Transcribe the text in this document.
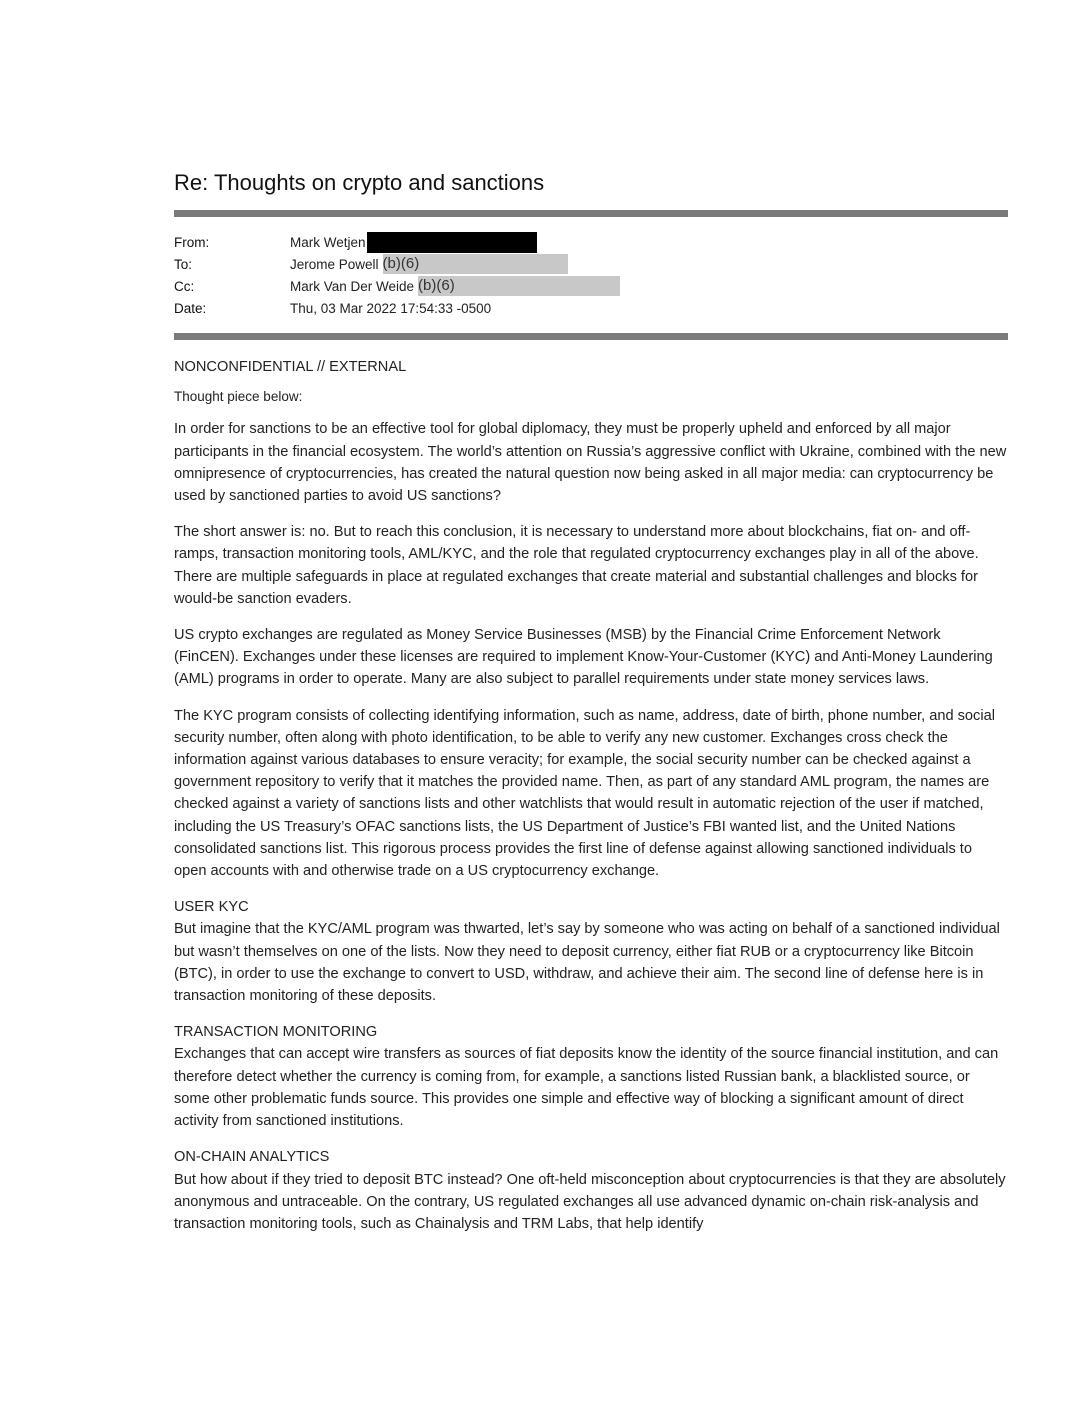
Re: Thoughts on crypto and sanctions
From:	Mark Wetjen
To:	Jerome Powell (b)(6)
Cc:	Mark Van Der Weide (b)(6)
Date:	Thu, 03 Mar 2022 17:54:33 -0500

NONCONFIDENTIAL // EXTERNAL

Thought piece below:

In order for sanctions to be an effective tool for global diplomacy, they must be properly upheld and enforced by all major participants in the financial ecosystem. The world’s attention on Russia’s aggressive conflict with Ukraine, combined with the new omnipresence of cryptocurrencies, has created the natural question now being asked in all major media: can cryptocurrency be used by sanctioned parties to avoid US sanctions?

The short answer is: no. But to reach this conclusion, it is necessary to understand more about blockchains, fiat on- and off-ramps, transaction monitoring tools, AML/KYC, and the role that regulated cryptocurrency exchanges play in all of the above. There are multiple safeguards in place at regulated exchanges that create material and substantial challenges and blocks for would-be sanction evaders.

US crypto exchanges are regulated as Money Service Businesses (MSB) by the Financial Crime Enforcement Network (FinCEN). Exchanges under these licenses are required to implement Know-Your-Customer (KYC) and Anti-Money Laundering (AML) programs in order to operate. Many are also subject to parallel requirements under state money services laws.

The KYC program consists of collecting identifying information, such as name, address, date of birth, phone number, and social security number, often along with photo identification, to be able to verify any new customer. Exchanges cross check the information against various databases to ensure veracity; for example, the social security number can be checked against a government repository to verify that it matches the provided name. Then, as part of any standard AML program, the names are checked against a variety of sanctions lists and other watchlists that would result in automatic rejection of the user if matched, including the US Treasury’s OFAC sanctions lists, the US Department of Justice’s FBI wanted list, and the United Nations consolidated sanctions list. This rigorous process provides the first line of defense against allowing sanctioned individuals to open accounts with and otherwise trade on a US cryptocurrency exchange.

USER KYC

But imagine that the KYC/AML program was thwarted, let’s say by someone who was acting on behalf of a sanctioned individual but wasn’t themselves on one of the lists. Now they need to deposit currency, either fiat RUB or a cryptocurrency like Bitcoin (BTC), in order to use the exchange to convert to USD, withdraw, and achieve their aim. The second line of defense here is in transaction monitoring of these deposits.

TRANSACTION MONITORING

Exchanges that can accept wire transfers as sources of fiat deposits know the identity of the source financial institution, and can therefore detect whether the currency is coming from, for example, a sanctions listed Russian bank, a blacklisted source, or some other problematic funds source. This provides one simple and effective way of blocking a significant amount of direct activity from sanctioned institutions.

ON-CHAIN ANALYTICS

But how about if they tried to deposit BTC instead? One oft-held misconception about cryptocurrencies is that they are absolutely anonymous and untraceable. On the contrary, US regulated exchanges all use advanced dynamic on-chain risk-analysis and transaction monitoring tools, such as Chainalysis and TRM Labs, that help identify
